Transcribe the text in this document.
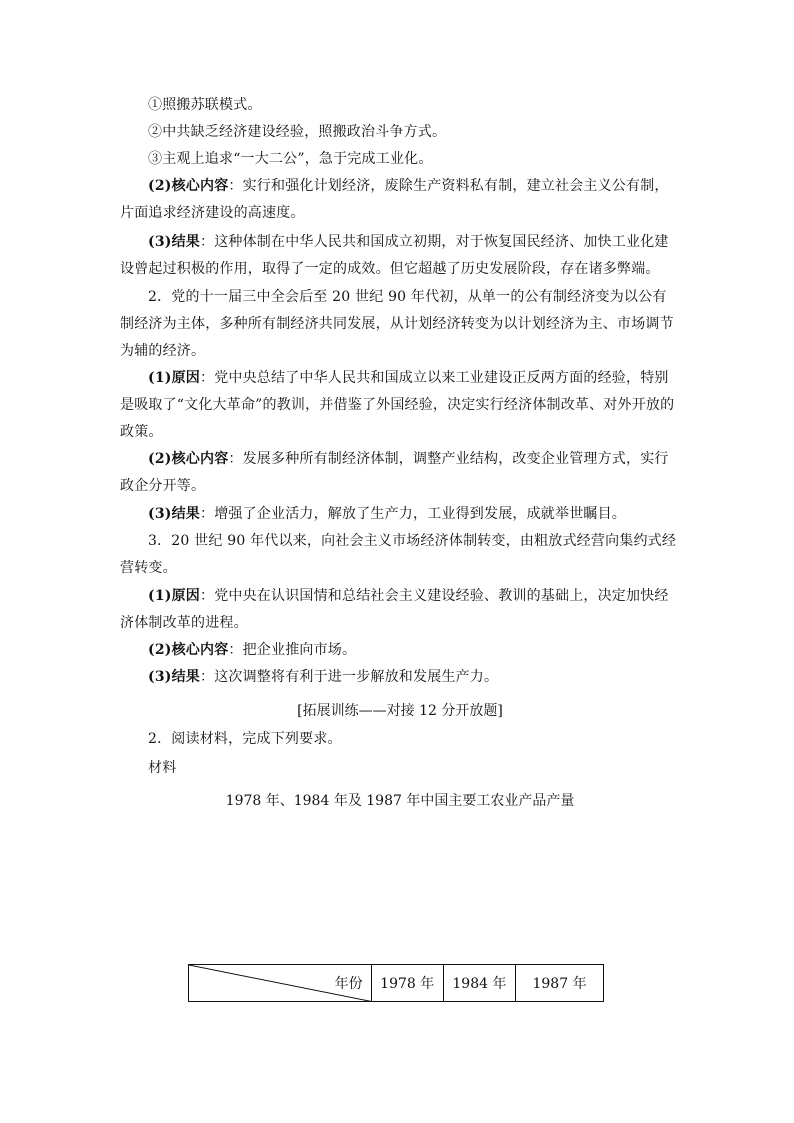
①照搬苏联模式。

②中共缺乏经济建设经验，照搬政治斗争方式。

③主观上追求“一大二公”，急于完成工业化。

(2)核心内容：实行和强化计划经济，废除生产资料私有制，建立社会主义公有制，片面追求经济建设的高速度。

(3)结果：这种体制在中华人民共和国成立初期，对于恢复国民经济、加快工业化建设曾起过积极的作用，取得了一定的成效。但它超越了历史发展阶段，存在诸多弊端。

2．党的十一届三中全会后至 20 世纪 90 年代初，从单一的公有制经济变为以公有制经济为主体，多种所有制经济共同发展，从计划经济转变为以计划经济为主、市场调节为辅的经济。

(1)原因：党中央总结了中华人民共和国成立以来工业建设正反两方面的经验，特别是吸取了“文化大革命”的教训，并借鉴了外国经验，决定实行经济体制改革、对外开放的政策。

(2)核心内容：发展多种所有制经济体制，调整产业结构，改变企业管理方式，实行政企分开等。

(3)结果：增强了企业活力，解放了生产力，工业得到发展，成就举世瞩目。

3．20 世纪 90 年代以来，向社会主义市场经济体制转变，由粗放式经营向集约式经营转变。

(1)原因：党中央在认识国情和总结社会主义建设经验、教训的基础上，决定加快经济体制改革的进程。

(2)核心内容：把企业推向市场。

(3)结果：这次调整将有利于进一步解放和发展生产力。

[拓展训练——对接 12 分开放题]

2．阅读材料，完成下列要求。

材料

1978 年、1984 年及 1987 年中国主要工农业产品产量

年份	1978 年	1984 年	1987 年
